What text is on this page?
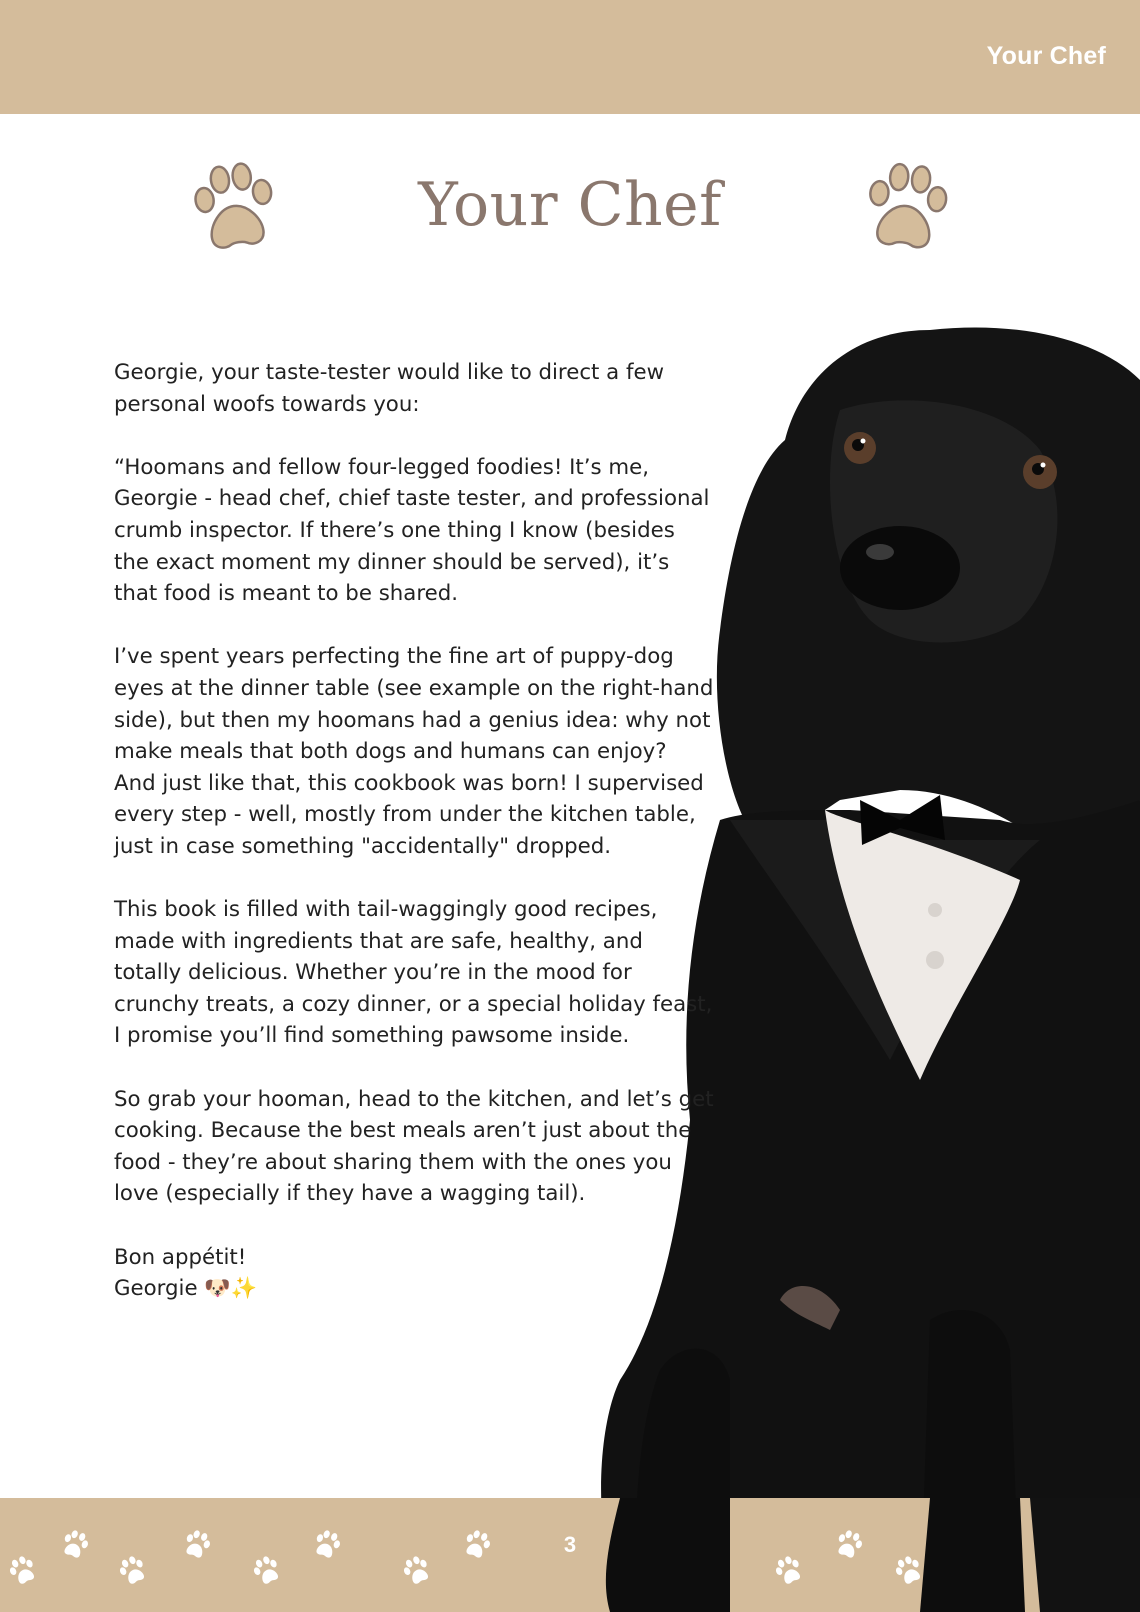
Your Chef
Your Chef

Georgie, your taste-tester would like to direct a few personal woofs towards you:

“Hoomans and fellow four-legged foodies! It’s me, Georgie - head chef, chief taste tester, and professional crumb inspector. If there’s one thing I know (besides the exact moment my dinner should be served), it’s that food is meant to be shared.

I’ve spent years perfecting the fine art of puppy-dog eyes at the dinner table (see example on the right-hand side), but then my hoomans had a genius idea: why not make meals that both dogs and humans can enjoy? And just like that, this cookbook was born! I supervised every step - well, mostly from under the kitchen table, just in case something "accidentally" dropped.

This book is filled with tail-waggingly good recipes, made with ingredients that are safe, healthy, and totally delicious. Whether you’re in the mood for crunchy treats, a cozy dinner, or a special holiday feast, I promise you’ll find something pawsome inside.

So grab your hooman, head to the kitchen, and let’s get cooking. Because the best meals aren’t just about the food - they’re about sharing them with the ones you love (especially if they have a wagging tail).

Bon appétit!

Georgie 🐶✨

3
